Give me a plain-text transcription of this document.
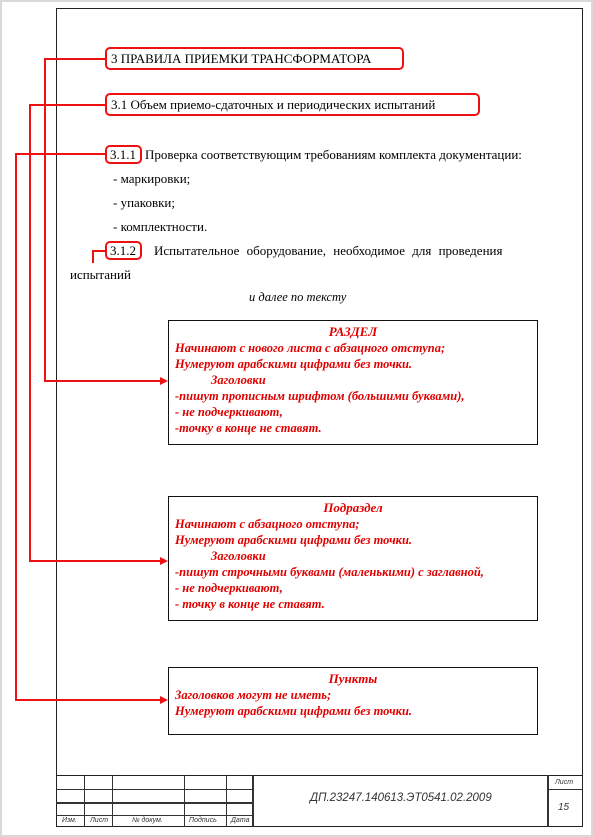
3 ПРАВИЛА ПРИЕМКИ ТРАНСФОРМАТОРА
3.1 Объем приемо-сдаточных и периодических испытаний
3.1.1 Проверка соответствующим требованиям комплекта документации:
- маркировки;
- упаковки;
- комплектности.
3.1.2 Испытательное оборудование, необходимое для проведения
испытаний
и далее по тексту
РАЗДЕЛ
Начинают с нового листа с абзацного отступа;
Нумеруют арабскими цифрами без точки.
Заголовки
-пишут прописным шрифтом (большими буквами),
- не подчеркивают,
-точку в конце не ставят.
Подраздел
Начинают с абзацного отступа;
Нумеруют арабскими цифрами без точки.
Заголовки
-пишут строчными буквами (маленькими) с заглавной,
- не подчеркивают,
- точку в конце не ставят.
Пункты
Заголовков могут не иметь;
Нумеруют арабскими цифрами без точки.
Изм. Лист	№ докум.	Подпись Дата
ДП.23247.140613.ЭТ0541.02.2009
Лист
15
